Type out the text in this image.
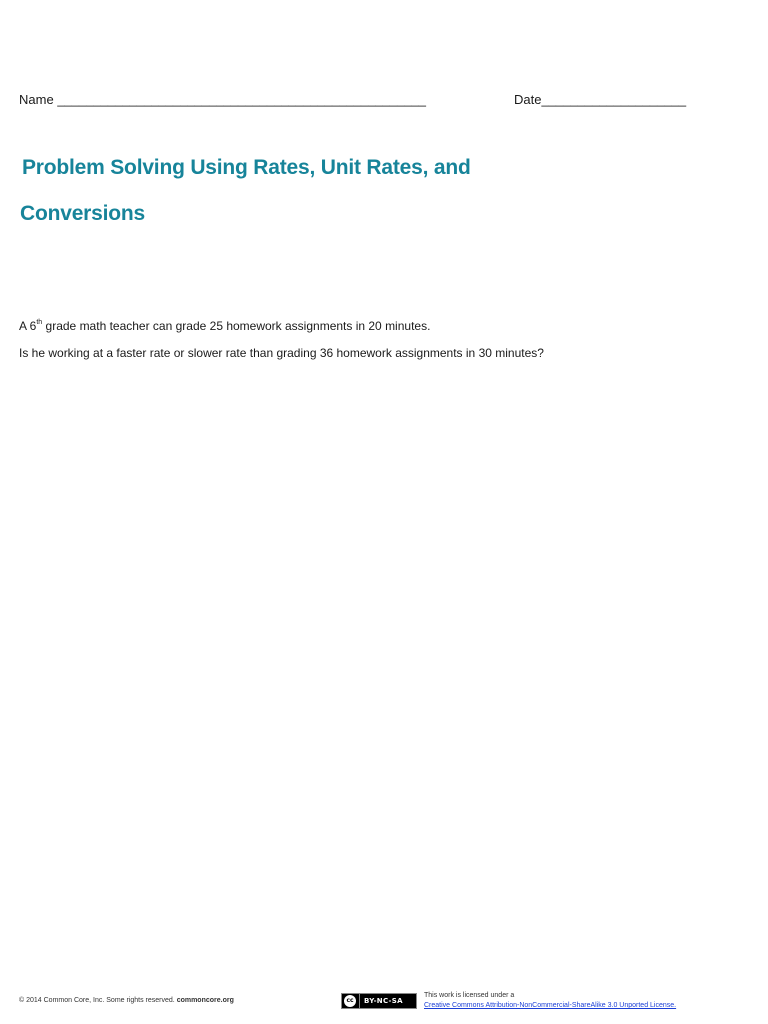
Name ___________________________________________________	Date____________________
Problem Solving Using Rates, Unit Rates, and
Conversions
A 6th grade math teacher can grade 25 homework assignments in 20 minutes.
Is he working at a faster rate or slower rate than grading 36 homework assignments in 30 minutes?
© 2014 Common Core, Inc. Some rights reserved. commoncore.org	cc	BY-NC-SA
This work is licensed under a
Creative Commons Attribution-NonCommercial-ShareAlike 3.0 Unported License.
